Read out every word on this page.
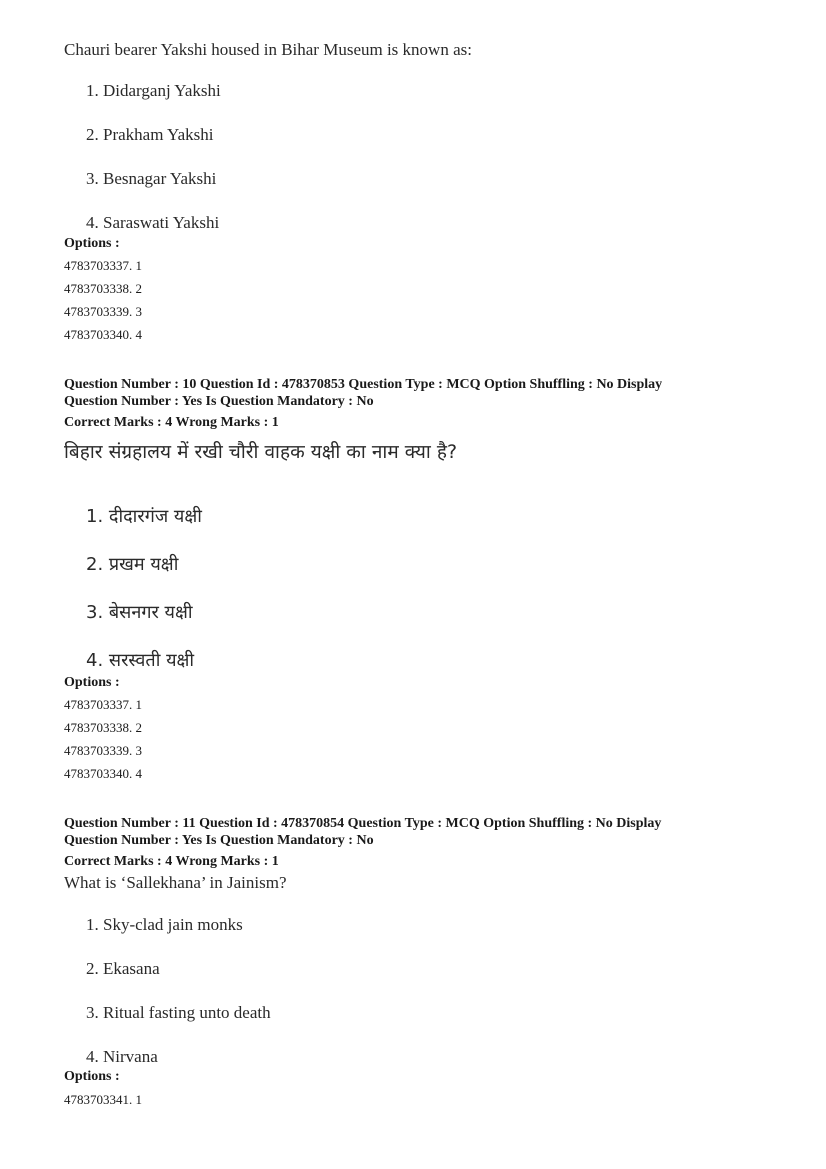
Chauri bearer Yakshi housed in Bihar Museum is known as:
1. Didarganj Yakshi
2. Prakham Yakshi
3. Besnagar Yakshi
4. Saraswati Yakshi
Options :
4783703337. 1
4783703338. 2
4783703339. 3
4783703340. 4
Question Number : 10 Question Id : 478370853 Question Type : MCQ Option Shuffling : No Display
Question Number : Yes Is Question Mandatory : No
Correct Marks : 4 Wrong Marks : 1
बिहार संग्रहालय में रखी चौरी वाहक यक्षी का नाम क्या है?
1. दीदारगंज यक्षी
2. प्रखम यक्षी
3. बेसनगर यक्षी
4. सरस्वती यक्षी
Options :
4783703337. 1
4783703338. 2
4783703339. 3
4783703340. 4
Question Number : 11 Question Id : 478370854 Question Type : MCQ Option Shuffling : No Display
Question Number : Yes Is Question Mandatory : No
Correct Marks : 4 Wrong Marks : 1
What is ‘Sallekhana’ in Jainism?
1. Sky-clad jain monks
2. Ekasana
3. Ritual fasting unto death
4. Nirvana
Options :
4783703341. 1
